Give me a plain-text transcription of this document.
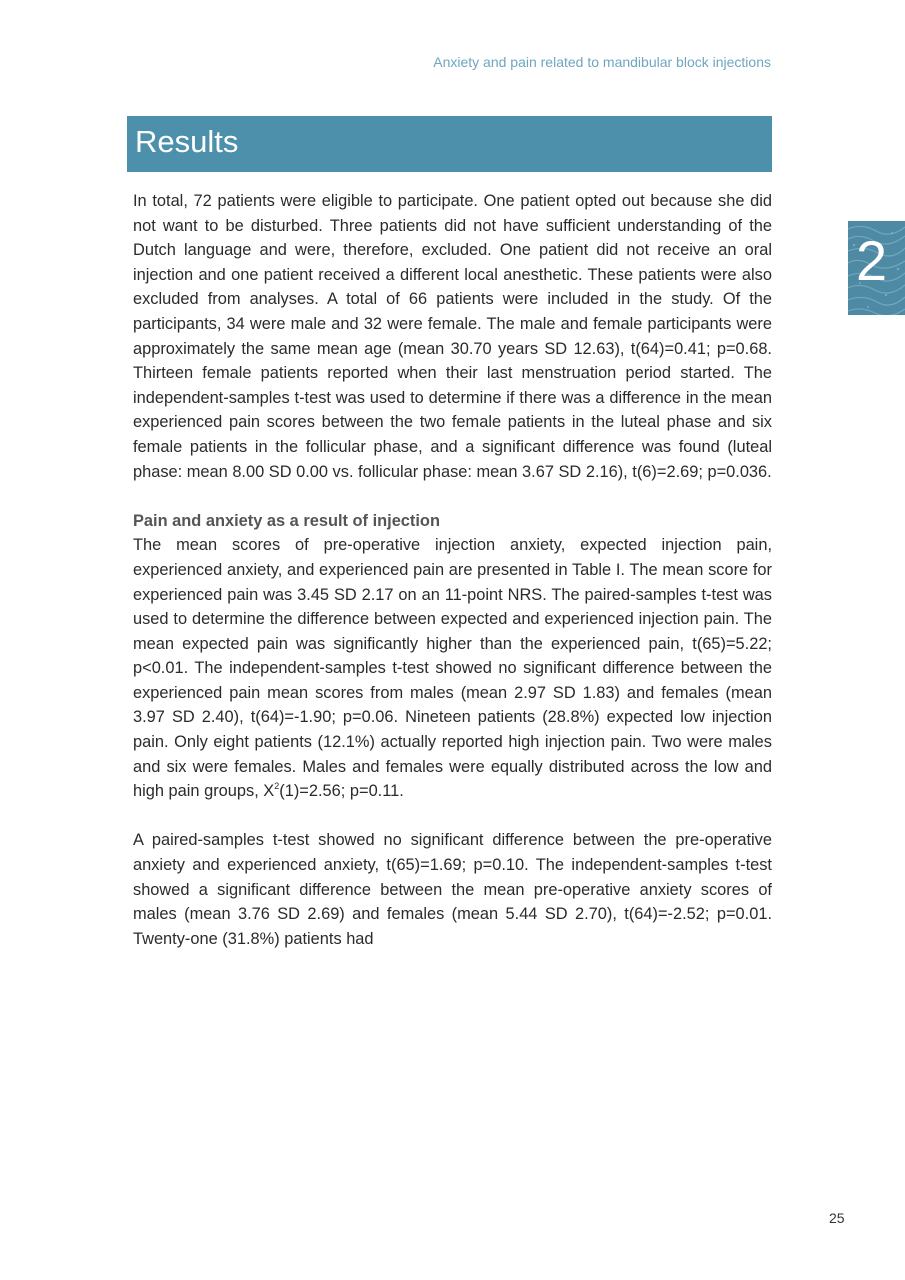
Anxiety and pain related to mandibular block injections
Results
2

In total, 72 patients were eligible to participate. One patient opted out because she did not want to be disturbed. Three patients did not have sufficient understanding of the Dutch language and were, therefore, excluded. One patient did not receive an oral injection and one patient received a different local anesthetic. These patients were also excluded from analyses. A total of 66 patients were included in the study. Of the participants, 34 were male and 32 were female. The male and female participants were approximately the same mean age (mean 30.70 years SD 12.63), t(64)=0.41; p=0.68. Thirteen female patients reported when their last menstruation period started. The independent-samples t-test was used to determine if there was a difference in the mean experienced pain scores between the two female patients in the luteal phase and six female patients in the follicular phase, and a significant difference was found (luteal phase: mean 8.00 SD 0.00 vs. follicular phase: mean 3.67 SD 2.16), t(6)=2.69; p=0.036.

Pain and anxiety as a result of injection

The mean scores of pre-operative injection anxiety, expected injection pain, experienced anxiety, and experienced pain are presented in Table I. The mean score for experienced pain was 3.45 SD 2.17 on an 11-point NRS. The paired-samples t-test was used to determine the difference between expected and experienced injection pain. The mean expected pain was significantly higher than the experienced pain, t(65)=5.22; p<0.01. The independent-samples t-test showed no significant difference between the experienced pain mean scores from males (mean 2.97 SD 1.83) and females (mean 3.97 SD 2.40), t(64)=-1.90; p=0.06. Nineteen patients (28.8%) expected low injection pain. Only eight patients (12.1%) actually reported high injection pain. Two were males and six were females. Males and females were equally distributed across the low and high pain groups, $X^2(1)=2.56$; p=0.11.

A paired-samples t-test showed no significant difference between the pre-operative anxiety and experienced anxiety, t(65)=1.69; p=0.10. The independent-samples t-test showed a significant difference between the mean pre-operative anxiety scores of males (mean 3.76 SD 2.69) and females (mean 5.44 SD 2.70), t(64)=-2.52; p=0.01. Twenty-one (31.8%) patients had

25
